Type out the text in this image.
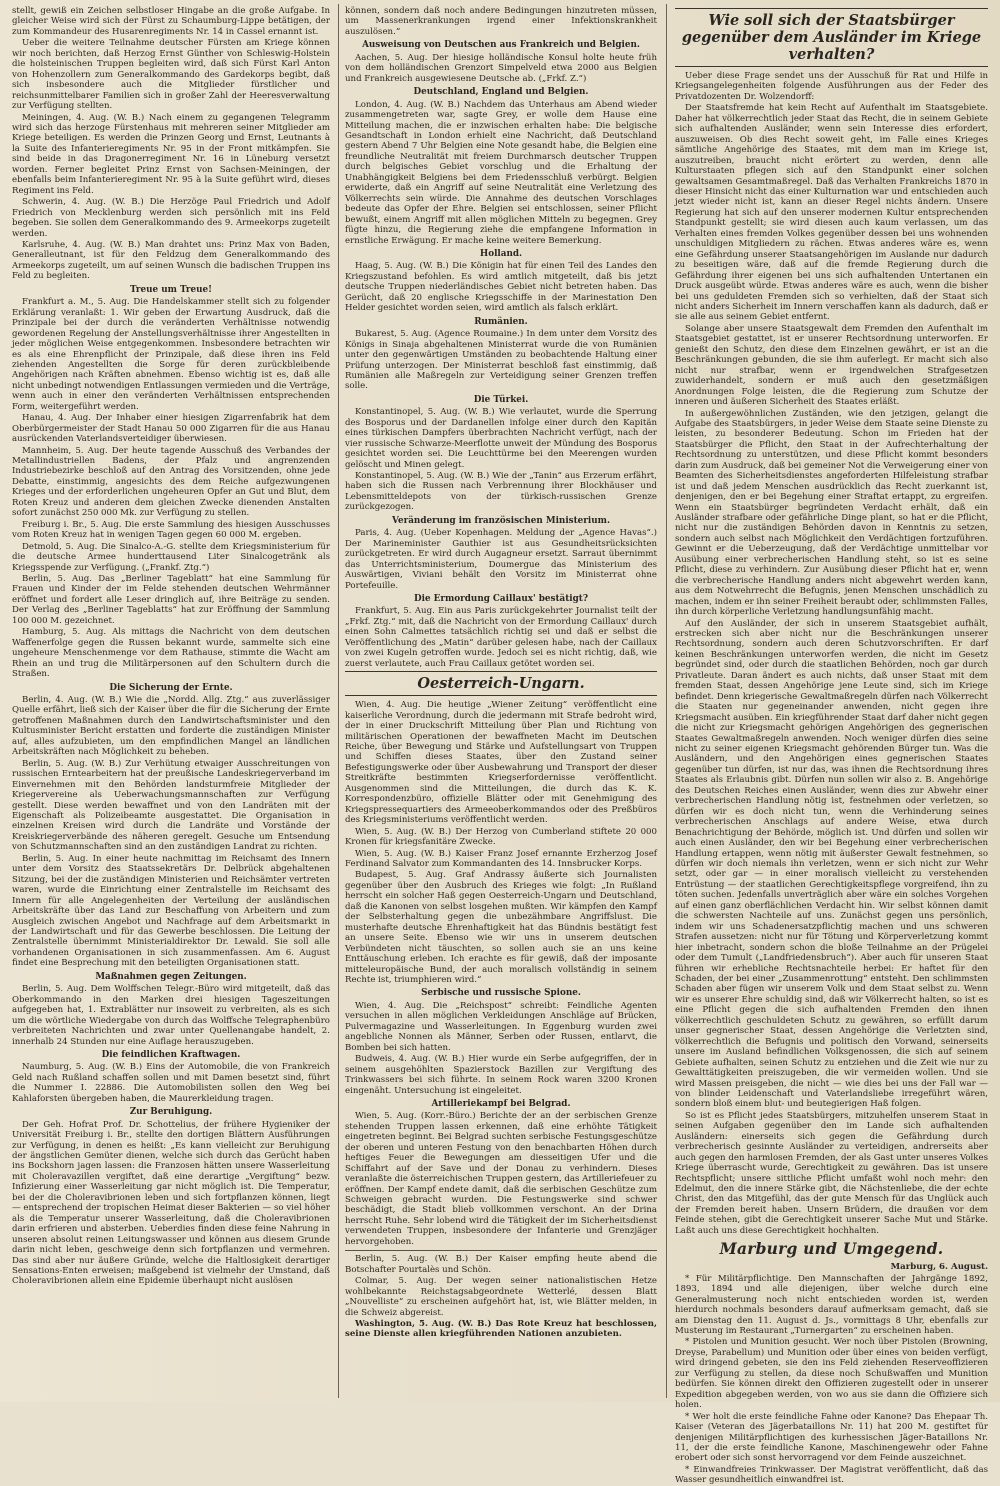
stellt, gewiß ein Zeichen selbstloser Hingabe an die große Aufgabe. In gleicher Weise wird sich der Fürst zu Schaumburg-Lippe betätigen, der zum Kommandeur des Husarenregiments Nr. 14 in Cassel ernannt ist.

Ueber die weitere Teilnahme deutscher Fürsten am Kriege können wir noch berichten, daß Herzog Ernst Günther von Schleswig-Holstein die holsteinischen Truppen begleiten wird, daß sich Fürst Karl Anton von Hohenzollern zum Generalkommando des Gardekorps begibt, daß sich insbesondere auch die Mitglieder fürstlicher und reichsunmittelbarer Familien sich in großer Zahl der Heeresverwaltung zur Verfügung stellten.

Meiningen, 4. Aug. (W. B.) Nach einem zu gegangenen Telegramm wird sich das herzoge Fürstenhaus mit mehreren seiner Mitglieder am Kriege beteiligen. Es werden die Prinzen Georg und Ernst, Leutnants à la Suite des Infanterieregiments Nr. 95 in der Front mitkämpfen. Sie sind beide in das Dragonerregiment Nr. 16 in Lüneburg versetzt worden. Ferner begleitet Prinz Ernst von Sachsen-Meiningen, der ebenfalls beim Infanterieregiment Nr. 95 à la Suite geführt wird, dieses Regiment ins Feld.

Schwerin, 4. Aug. (W. B.) Die Herzöge Paul Friedrich und Adolf Friedrich von Mecklenburg werden sich persönlich mit ins Feld begeben. Sie sollen dem Generalkommando des 9. Armeekorps zugeteilt werden.

Karlsruhe, 4. Aug. (W. B.) Man drahtet uns: Prinz Max von Baden, Generalleutnant, ist für den Feldzug dem Generalkommando des Armeekorps zugeteilt, um auf seinen Wunsch die badischen Truppen ins Feld zu begleiten.

Treue um Treue!

Frankfurt a. M., 5. Aug. Die Handelskammer stellt sich zu folgender Erklärung veranlaßt: 1. Wir geben der Erwartung Ausdruck, daß die Prinzipale bei der durch die veränderten Verhältnisse notwendig gewordenen Regelung der Anstellungsverhältnisse ihrer Angestellten in jeder möglichen Weise entgegenkommen. Insbesondere betrachten wir es als eine Ehrenpflicht der Prinzipale, daß diese ihren ins Feld ziehenden Angestellten die Sorge für deren zurückbleibende Angehörigen nach Kräften abnehmen. Ebenso wichtig ist es, daß alle nicht unbedingt notwendigen Entlassungen vermieden und die Verträge, wenn auch in einer den veränderten Verhältnissen entsprechenden Form, weitergeführt werden.

Hanau, 4. Aug. Der Inhaber einer hiesigen Zigarrenfabrik hat dem Oberbürgermeister der Stadt Hanau 50 000 Zigarren für die aus Hanau ausrückenden Vaterlandsverteidiger überwiesen.

Mannheim, 5. Aug. Der heute tagende Ausschuß des Verbandes der Metallindustriellen Badens, der Pfalz und angrenzenden Industriebezirke beschloß auf den Antrag des Vorsitzenden, ohne jede Debatte, einstimmig, angesichts des dem Reiche aufgezwungenen Krieges und der erforderlichen ungeheuren Opfer an Gut und Blut, dem Roten Kreuz und anderen dem gleichen Zwecke dienenden Anstalten sofort zunächst 250 000 Mk. zur Verfügung zu stellen.

Freiburg i. Br., 5. Aug. Die erste Sammlung des hiesigen Ausschusses vom Roten Kreuz hat in wenigen Tagen gegen 60 000 M. ergeben.

Detmold, 5. Aug. Die Sinalco-A.-G. stellte dem Kriegsministerium für die deutsche Armee hunderttausend Liter Sinalcogetränk als Kriegsspende zur Verfügung. („Frankf. Ztg.“)

Berlin, 5. Aug. Das „Berliner Tageblatt“ hat eine Sammlung für Frauen und Kinder der im Felde stehenden deutschen Wehrmänner eröffnet und fordert alle Leser dringlich auf, ihre Beiträge zu senden. Der Verlag des „Berliner Tageblatts“ hat zur Eröffnung der Sammlung 100 000 M. gezeichnet.

Hamburg, 5. Aug. Als mittags die Nachricht von dem deutschen Waffenerfolge gegen die Russen bekannt wurde, sammelte sich eine ungeheure Menschenmenge vor dem Rathause, stimmte die Wacht am Rhein an und trug die Militärpersonen auf den Schultern durch die Straßen.

Die Sicherung der Ernte.

Berlin, 4. Aug. (W. B.) Wie die „Nordd. Allg. Ztg.“ aus zuverlässiger Quelle erfährt, ließ sich der Kaiser über die für die Sicherung der Ernte getroffenen Maßnahmen durch den Landwirtschaftsminister und den Kultusminister Bericht erstatten und forderte die zuständigen Minister auf, alles aufzubieten, um den empfindlichen Mangel an ländlichen Arbeitskräften nach Möglichkeit zu beheben.

Berlin, 5. Aug. (W. B.) Zur Verhütung etwaiger Ausschreitungen von russischen Erntearbeitern hat der preußische Landeskriegerverband im Einvernehmen mit den Behörden landsturmfreie Mitglieder der Kriegervereine als Ueberwachungsmannschaften zur Verfügung gestellt. Diese werden bewaffnet und von den Landräten mit der Eigenschaft als Polizeibeamte ausgestattet. Die Organisation in einzelnen Kreisen wird durch die Landräte und Vorstände der Kreiskriegerverbände des näheren geregelt. Gesuche um Entsendung von Schutzmannschaften sind an den zuständigen Landrat zu richten.

Berlin, 5. Aug. In einer heute nachmittag im Reichsamt des Innern unter dem Vorsitz des Staatssekretärs Dr. Delbrück abgehaltenen Sitzung, bei der die zuständigen Ministerien und Reichsämter vertreten waren, wurde die Einrichtung einer Zentralstelle im Reichsamt des Innern für alle Angelegenheiten der Verteilung der ausländischen Arbeitskräfte über das Land zur Beschaffung von Arbeitern und zum Ausgleich zwischen Angebot und Nachfrage auf dem Arbeitsmarkt in der Landwirtschaft und für das Gewerbe beschlossen. Die Leitung der Zentralstelle übernimmt Ministerialdirektor Dr. Lewald. Sie soll alle vorhandenen Organisationen in sich zusammenfassen. Am 6. August findet eine Besprechung mit den beteiligten Organisationen statt.

Maßnahmen gegen Zeitungen.

Berlin, 5. Aug. Dem Wolffschen Telegr.-Büro wird mitgeteilt, daß das Oberkommando in den Marken drei hiesigen Tageszeitungen aufgegeben hat, 1. Extrablätter nur insoweit zu verbreiten, als es sich um die wörtliche Wiedergabe von durch das Wolffsche Telegraphenbüro verbreiteten Nachrichten und zwar unter Quellenangabe handelt, 2. innerhalb 24 Stunden nur eine Auflage herauszugeben.

Die feindlichen Kraftwagen.

Naumburg, 5. Aug. (W. B.) Eins der Automobile, die von Frankreich Geld nach Rußland schaffen sollen und mit Damen besetzt sind, führt die Nummer I. 22886. Die Automobilisten sollen den Weg bei Kahlaforsten übergeben haben, die Maurerkleidung tragen.

Zur Beruhigung.

Der Geh. Hofrat Prof. Dr. Schottelius, der frühere Hygieniker der Universität Freiburg i. Br., stellte den dortigen Blättern Ausführungen zur Verfügung, in denen es heißt: „Es kann vielleicht zur Beruhigung der ängstlichen Gemüter dienen, welche sich durch das Gerücht haben ins Bockshorn jagen lassen: die Franzosen hätten unsere Wasserleitung mit Choleravazillen vergiftet, daß eine derartige „Vergiftung“ bezw. Infizierung einer Wasserleitung gar nicht möglich ist. Die Temperatur, bei der die Choleravibrionen leben und sich fortpflanzen können, liegt — entsprechend der tropischen Heimat dieser Bakterien — so viel höher als die Temperatur unserer Wasserleitung, daß die Choleravibrionen darin erfrieren und absterben. Ueberdies finden diese feine Nahrung in unseren absolut reinen Leitungswasser und können aus diesem Grunde darin nicht leben, geschweige denn sich fortpflanzen und vermehren. Das sind aber nur äußere Gründe, welche die Haltlosigkeit derartiger Sensations-Enten erweisen; maßgebend ist vielmehr der Umstand, daß Choleravibrionen allein eine Epidemie überhaupt nicht auslösen

können, sondern daß noch andere Bedingungen hinzutreten müssen, um Massenerkrankungen irgend einer Infektionskrankheit auszulösen.“

Ausweisung von Deutschen aus Frankreich und Belgien.

Aachen, 5. Aug. Der hiesige holländische Konsul holte heute früh von dem holländischen Grenzort Simpelveld etwa 2000 aus Belgien und Frankreich ausgewiesene Deutsche ab. („Frkf. Z.“)

Deutschland, England und Belgien.

London, 4. Aug. (W. B.) Nachdem das Unterhaus am Abend wieder zusammengetreten war, sagte Grey, er wolle dem Hause eine Mitteilung machen, die er inzwischen erhalten habe: Die belgische Gesandtschaft in London erhielt eine Nachricht, daß Deutschland gestern Abend 7 Uhr Belgien eine Note gesandt habe, die Belgien eine freundliche Neutralität mit freiem Durchmarsch deutscher Truppen durch belgisches Gebiet vorschlug und die Erhaltung der Unabhängigkeit Belgiens bei dem Friedensschluß verbürgt. Belgien erwiderte, daß ein Angriff auf seine Neutralität eine Verletzung des Völkerrechts sein würde. Die Annahme des deutschen Vorschlages bedeute das Opfer der Ehre. Belgien sei entschlossen, seiner Pflicht bewußt, einem Angriff mit allen möglichen Mitteln zu begegnen. Grey fügte hinzu, die Regierung ziehe die empfangene Information in ernstliche Erwägung. Er mache keine weitere Bemerkung.

Holland.

Haag, 5. Aug. (W. B.) Die Königin hat für einen Teil des Landes den Kriegszustand befohlen. Es wird amtlich mitgeteilt, daß bis jetzt deutsche Truppen niederländisches Gebiet nicht betreten haben. Das Gerücht, daß 20 englische Kriegsschiffe in der Marinestation Den Helder gesichtet worden seien, wird amtlich als falsch erklärt.

Rumänien.

Bukarest, 5. Aug. (Agence Roumaine.) In dem unter dem Vorsitz des Königs in Sinaja abgehaltenen Ministerrat wurde die von Rumänien unter den gegenwärtigen Umständen zu beobachtende Haltung einer Prüfung unterzogen. Der Ministerrat beschloß fast einstimmig, daß Rumänien alle Maßregeln zur Verteidigung seiner Grenzen treffen solle.

Die Türkei.

Konstantinopel, 5. Aug. (W. B.) Wie verlautet, wurde die Sperrung des Bosporus und der Dardanellen infolge einer durch den Kapitän eines türkischen Dampfers überbrachten Nachricht verfügt, nach der vier russische Schwarze-Meerflotte unweit der Mündung des Bosporus gesichtet worden sei. Die Leuchttürme bei den Meerengen wurden gelöscht und Minen gelegt.

Konstantinopel, 5. Aug. (W. B.) Wie der „Tanin“ aus Erzerum erfährt, haben sich die Russen nach Verbrennung ihrer Blockhäuser und Lebensmitteldepots von der türkisch-russischen Grenze zurückgezogen.

Veränderung im französischen Ministerium.

Paris, 4. Aug. (Ueber Kopenhagen. Meldung der „Agence Havas“.) Der Marineminister Gauthier ist aus Gesundheitsrücksichten zurückgetreten. Er wird durch Augagneur ersetzt. Sarraut übernimmt das Unterrichtsministerium, Doumergue das Ministerium des Auswärtigen, Viviani behält den Vorsitz im Ministerrat ohne Portefeuille.

Die Ermordung Caillaux' bestätigt?

Frankfurt, 5. Aug. Ein aus Paris zurückgekehrter Journalist teilt der „Frkf. Ztg.“ mit, daß die Nachricht von der Ermordung Caillaux' durch einen Sohn Calmettes tatsächlich richtig sei und daß er selbst die Veröffentlichung des „Matin“ darüber gelesen habe, nach der Caillaux von zwei Kugeln getroffen wurde. Jedoch sei es nicht richtig, daß, wie zuerst verlautete, auch Frau Caillaux getötet worden sei.

Oesterreich-Ungarn.

Wien, 4. Aug. Die heutige „Wiener Zeitung“ veröffentlicht eine kaiserliche Verordnung, durch die jedermann mit Strafe bedroht wird, der in einer Druckschrift Mitteilung über Plan und Richtung von militärischen Operationen der bewaffneten Macht im Deutschen Reiche, über Bewegung und Stärke und Aufstellungsart von Truppen und Schiffen dieses Staates, über den Zustand seiner Befestigungswerke oder über Ausbewahrung und Transport der dieser Streitkräfte bestimmten Kriegserfordernisse veröffentlicht. Ausgenommen sind die Mitteilungen, die durch das K. K. Korrespondenzbüro, offizielle Blätter oder mit Genehmigung des Kriegspressequartiers des Armeeoberkommandos oder des Preßbüros des Kriegsministeriums veröffentlicht werden.

Wien, 5. Aug. (W. B.) Der Herzog von Cumberland stiftete 20 000 Kronen für kriegsfanitäre Zwecke.

Wien, 5. Aug. (W. B.) Kaiser Franz Josef ernannte Erzherzog Josef Ferdinand Salvator zum Kommandanten des 14. Innsbrucker Korps.

Budapest, 5. Aug. Graf Andrassy äußerte sich Journalisten gegenüber über den Ausbruch des Krieges wie folgt: „In Rußland herrscht ein solcher Haß gegen Oesterreich-Ungarn und Deutschland, daß die Kanonen von selbst losgehen mußten. Wir kämpfen den Kampf der Selbsterhaltung gegen die unbezähmbare Angriffslust. Die musterhafte deutsche Ehrenhaftigkeit hat das Bündnis bestätigt fest an unsere Seite. Ebenso wie wir uns in unserem deutschen Verbündeten nicht täuschten, so sollen auch sie an uns keine Enttäuschung erleben. Ich erachte es für gewiß, daß der imposante mitteleuropäische Bund, der auch moralisch vollständig in seinem Rechte ist, triumphieren wird.“

Serbische und russische Spione.

Wien, 4. Aug. Die „Reichspost“ schreibt: Feindliche Agenten versuchen in allen möglichen Verkleidungen Anschläge auf Brücken, Pulvermagazine und Wasserleitungen. In Eggenburg wurden zwei angebliche Nonnen als Männer, Serben oder Russen, entlarvt, die Bomben bei sich hatten.

Budweis, 4. Aug. (W. B.) Hier wurde ein Serbe aufgegriffen, der in seinem ausgehöhlten Spazierstock Bazillen zur Vergiftung des Trinkwassers bei sich führte. In seinem Rock waren 3200 Kronen eingenäht. Untersuchung ist eingeleitet.

Artilleriekampf bei Belgrad.

Wien, 5. Aug. (Korr.-Büro.) Berichte der an der serbischen Grenze stehenden Truppen lassen erkennen, daß eine erhöhte Tätigkeit eingetreten beginnt. Bei Belgrad suchten serbische Festungsgeschütze der oberen und unteren Festung von den benachbarten Höhen durch heftiges Feuer die Bewegungen am diesseitigen Ufer und die Schiffahrt auf der Save und der Donau zu verhindern. Dieses veranlaßte die österreichischen Truppen gestern, das Artilleriefeuer zu eröffnen. Der Kampf endete damit, daß die serbischen Geschütze zum Schweigen gebracht wurden. Die Festungswerke sind schwer beschädigt, die Stadt blieb vollkommen verschont. An der Drina herrscht Ruhe. Sehr lobend wird die Tätigkeit der im Sicherheitsdienst verwendeten Truppen, insbesondere der Infanterie und Grenzjäger hervorgehoben.

Berlin, 5. Aug. (W. B.) Der Kaiser empfing heute abend die Botschafter Pourtalès und Schön.

Colmar, 5. Aug. Der wegen seiner nationalistischen Hetze wohlbekannte Reichstagsabgeordnete Wetterlé, dessen Blatt „Nouvelliste“ zu erscheinen aufgehört hat, ist, wie Blätter melden, in die Schweiz abgereist.

Washington, 5. Aug. (W. B.) Das Rote Kreuz hat beschlossen, seine Dienste allen kriegführenden Nationen anzubieten.

Wie soll sich der Staatsbürger gegenüber dem Ausländer im Kriege verhalten?

Ueber diese Frage sendet uns der Ausschuß für Rat und Hilfe in Kriegsangelegenheiten folgende Ausführungen aus der Feder des Privatdozenten Dr. Wolzendorff:

Der Staatsfremde hat kein Recht auf Aufenthalt im Staatsgebiete. Daher hat völkerrechtlich jeder Staat das Recht, die in seinem Gebiete sich aufhaltenden Ausländer, wenn sein Interesse dies erfordert, auszuweisen. Ob dies Recht soweit geht, im Falle eines Krieges sämtliche Angehörige des Staates, mit dem man im Kriege ist, auszutreiben, braucht nicht erörtert zu werden, denn alle Kulturstaaten pflegen sich auf den Standpunkt einer solchen gewaltsamen Gesamtmaßregel. Daß das Verhalten Frankreichs 1870 in dieser Hinsicht nicht das einer Kulturnation war und entschieden auch jetzt wieder nicht ist, kann an dieser Regel nichts ändern. Unsere Regierung hat sich auf den unserer modernen Kultur entsprechenden Standpunkt gestellt; sie wird diesen auch kaum verlassen, um das Verhalten eines fremden Volkes gegenüber dessen bei uns wohnenden unschuldigen Mitgliedern zu rächen. Etwas anderes wäre es, wenn eine Gefährdung unserer Staatsangehörigen im Auslande nur dadurch zu beseitigen wäre, daß auf die fremde Regierung durch die Gefährdung ihrer eigenen bei uns sich aufhaltenden Untertanen ein Druck ausgeübt würde. Etwas anderes wäre es auch, wenn die bisher bei uns geduldeten Fremden sich so verhielten, daß der Staat sich nicht anders Sicherheit im Innern verschaffen kann als dadurch, daß er sie alle aus seinem Gebiet entfernt.

Solange aber unsere Staatsgewalt dem Fremden den Aufenthalt im Staatsgebiet gestattet, ist er unserer Rechtsordnung unterworfen. Er genießt den Schutz, den diese dem Einzelnen gewährt, er ist an die Beschränkungen gebunden, die sie ihm auferlegt. Er macht sich also nicht nur strafbar, wenn er irgendwelchen Strafgesetzen zuwiderhandelt, sondern er muß auch den gesetzmäßigen Anordnungen Folge leisten, die die Regierung zum Schutze der inneren und äußeren Sicherheit des Staates erläßt.

In außergewöhnlichen Zuständen, wie den jetzigen, gelangt die Aufgabe des Staatsbürgers, in jeder Weise dem Staate seine Dienste zu leisten, zu besonderer Bedeutung. Schon im Frieden hat der Staatsbürger die Pflicht, den Staat in der Aufrechterhaltung der Rechtsordnung zu unterstützen, und diese Pflicht kommt besonders darin zum Ausdruck, daß bei gemeiner Not die Verweigerung einer von Beamten des Sicherheitsdienstes angeforderten Hilfeleistung strafbar ist und daß jedem Menschen ausdrücklich das Recht zuerkannt ist, denjenigen, den er bei Begehung einer Straftat ertappt, zu ergreifen. Wenn ein Staatsbürger begründeten Verdacht erhält, daß ein Ausländer strafbare oder gefährliche Dinge plant, so hat er die Pflicht, nicht nur die zuständigen Behörden davon in Kenntnis zu setzen, sondern auch selbst nach Möglichkeit den Verdächtigen fortzuführen. Gewinnt er die Ueberzeugung, daß der Verdächtige unmittelbar vor Ausübung einer verbrecherischen Handlung steht, so ist es seine Pflicht, diese zu verhindern. Zur Ausübung dieser Pflicht hat er, wenn die verbrecherische Handlung anders nicht abgewehrt werden kann, aus dem Notwehrrecht die Befugnis, jenen Menschen unschädlich zu machen, indem er ihn seiner Freiheit beraubt oder, schlimmsten Falles, ihn durch körperliche Verletzung handlungsunfähig macht.

Auf den Ausländer, der sich in unserem Staatsgebiet aufhält, erstrecken sich aber nicht nur die Beschränkungen unserer Rechtsordnung, sondern auch deren Schutzvorschriften. Er darf keinen Beschränkungen unterworfen werden, die nicht im Gesetz begründet sind, oder durch die staatlichen Behörden, noch gar durch Privatleute. Daran ändert es auch nichts, daß unser Staat mit dem fremden Staat, dessen Angehörige jene Leute sind, sich im Kriege befindet. Denn kriegerische Gewaltmaßregeln dürfen nach Völkerrecht die Staaten nur gegeneinander anwenden, nicht gegen ihre Kriegsmacht ausüben. Ein kriegführender Staat darf daher nicht gegen die nicht zur Kriegsmacht gehörigen Angehörigen des gegnerischen Staates Gewaltmaßregeln anwenden. Noch weniger dürfen dies seine nicht zu seiner eigenen Kriegsmacht gehörenden Bürger tun. Was die Ausländern, und den Angehörigen eines gegnerischen Staates gegenüber tun dürfen, ist nur das, was ihnen die Rechtsordnung ihres Staates als Erlaubnis gibt. Dürfen nun sollen wir also z. B. Angehörige des Deutschen Reiches einen Ausländer, wenn dies zur Abwehr einer verbrecherischen Handlung nötig ist, festnehmen oder verletzen, so dürfen wir es doch nicht tun, wenn die Verhinderung seines verbrecherischen Anschlags auf andere Weise, etwa durch Benachrichtigung der Behörde, möglich ist. Und dürfen und sollen wir auch einen Ausländer, den wir bei Begehung einer verbrecherischen Handlung ertappen, wenn nötig mit äußerster Gewalt festnehmen, so dürfen wir doch niemals ihn verletzen, wenn er sich nicht zur Wehr setzt, oder gar — in einer moralisch vielleicht zu verstehenden Entrüstung — der staatlichen Gerechtigkeitspflege vorgreifend, ihn zu töten suchen. Jedenfalls unverträglich aber wäre ein solches Vorgehen auf einen ganz oberflächlichen Verdacht hin. Wir selbst können damit die schwersten Nachteile auf uns. Zunächst gegen uns persönlich, indem wir uns Schadenersatzpflichtig machen und uns schweren Strafen aussetzen: nicht nur für Tötung und Körperverletzung kommt hier inbetracht, sondern schon die bloße Teilnahme an der Prügelei oder dem Tumult („Landfriedensbruch“). Aber auch für unseren Staat führen wir erhebliche Rechtsnachteile herbei: Er haftet für den Schaden, der bei einer „Zusammenrottung“ entsteht. Den schlimmsten Schaden aber fügen wir unserem Volk und dem Staat selbst zu. Wenn wir es unserer Ehre schuldig sind, daß wir Völkerrecht halten, so ist es eine Pflicht gegen die sich aufhaltenden Fremden den ihnen völkerrechtlich geschuldeten Schutz zu gewähren, so erfüllt darum unser gegnerischer Staat, dessen Angehörige die Verletzten sind, völkerrechtlich die Befugnis und politisch den Vorwand, seinerseits unsere im Ausland befindlichen Volksgenossen, die sich auf seinem Gebiete aufhalten, seinen Schutz zu entziehen und die Zeit wie nur zu Gewalttätigkeiten preiszugeben, die wir vermeiden wollen. Und sie wird Massen preisgeben, die nicht — wie dies bei uns der Fall war — von blinder Leidenschaft und Vaterlandsliebe irregeführt wären, sondern bloß einem blut- und beutegierigen Haß folgen.

So ist es Pflicht jedes Staatsbürgers, mitzuhelfen unserem Staat in seinen Aufgaben gegenüber den im Lande sich aufhaltenden Ausländern: einerseits sich gegen die Gefährdung durch verbrecherisch gesinnte Ausländer zu verteidigen, andrerseits aber auch gegen den harmlosen Fremden, der als Gast unter unseres Volkes Kriege überrascht wurde, Gerechtigkeit zu gewähren. Das ist unsere Rechtspflicht; unsere sittliche Pflicht umfaßt wohl noch mehr: den Edelmut, den die innere Stärke gibt, die Nächstenliebe, die der echte Christ, den das Mitgefühl, das der gute Mensch für das Unglück auch der Fremden bereit haben. Unsern Brüdern, die draußen vor dem Feinde stehen, gibt die Gerechtigkeit unserer Sache Mut und Stärke. Laßt auch uns diese Gerechtigkeit hochhalten.

Marburg und Umgegend.

Marburg, 6. August.

* Für Militärpflichtige. Den Mannschaften der Jahrgänge 1892, 1893, 1894 und alle diejenigen, über welche durch eine Generalmusterung noch nicht entschieden worden ist, werden hierdurch nochmals besonders darauf aufmerksam gemacht, daß sie am Dienstag den 11. August d. Js., vormittags 8 Uhr, ebenfalls zur Musterung im Restaurant „Turnergarten“ zu erscheinen haben.

* Pistolen und Munition gesucht. Wer noch über Pistolen (Browning, Dreyse, Parabellum) und Munition oder über eines von beiden verfügt, wird dringend gebeten, sie den ins Feld ziehenden Reserveoffizieren zur Verfügung zu stellen, da diese noch Schußwaffen und Munition bedürfen. Sie können direkt den Offizieren zugestellt oder in unserer Expedition abgegeben werden, von wo aus sie dann die Offiziere sich holen.

* Wer holt die erste feindliche Fahne oder Kanone? Das Ehepaar Th. Kaiser (Veteran des Jägerbataillons Nr. 11) hat 200 M. gestiftet für denjenigen Militärpflichtigen des kurhessischen Jäger-Bataillons Nr. 11, der die erste feindliche Kanone, Maschinengewehr oder Fahne erobert oder sich sonst hervorragend vor dem Feinde auszeichnet.

* Einwandfreies Trinkwasser. Der Magistrat veröffentlicht, daß das Wasser gesundheitlich einwandfrei ist.
